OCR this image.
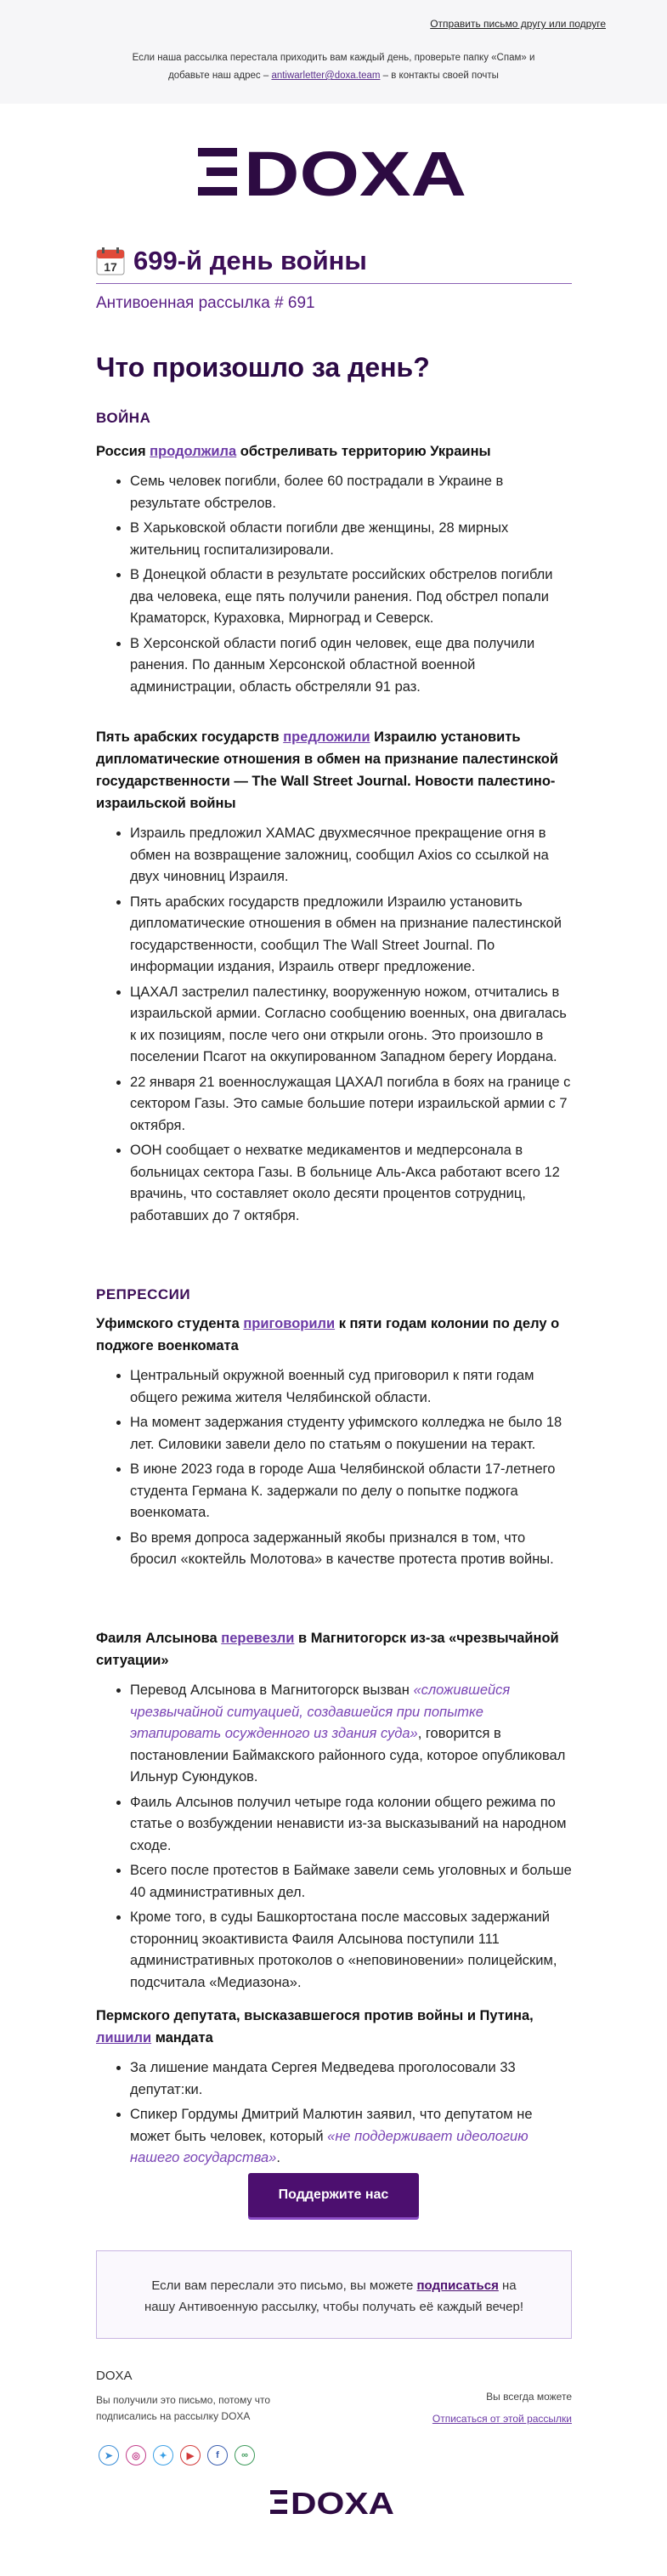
Отправить письмо другу или подруге
Если наша рассылка перестала приходить вам каждый день, проверьте папку «Спам» и
добавьте наш адрес – antiwarletter@doxa.team – в контакты своей почты
DOXA
17 699-й день войны
Антивоенная рассылка # 691
Что произошло за день?
ВОЙНА
Россия продолжила обстреливать территорию Украины
• Семь человек погибли, более 60 пострадали в Украине в результате обстрелов.
• В Харьковской области погибли две женщины, 28 мирных жительниц госпитализировали.
• В Донецкой области в результате российских обстрелов погибли два человека, еще пять получили ранения. Под обстрел попали Краматорск, Кураховка, Мирноград и Северск.
• В Херсонской области погиб один человек, еще два получили ранения. По данным Херсонской областной военной администрации, область обстреляли 91 раз.
Пять арабских государств предложили Израилю установить дипломатические отношения в обмен на признание палестинской государственности — The Wall Street Journal. Новости палестино-израильской войны
• Израиль предложил ХАМАС двухмесячное прекращение огня в обмен на возвращение заложниц, сообщил Axios со ссылкой на двух чиновниц Израиля.
• Пять арабских государств предложили Израилю установить дипломатические отношения в обмен на признание палестинской государственности, сообщил The Wall Street Journal. По информации издания, Израиль отверг предложение.
• ЦАХАЛ застрелил палестинку, вооруженную ножом, отчитались в израильской армии. Согласно сообщению военных, она двигалась к их позициям, после чего они открыли огонь. Это произошло в поселении Псагот на оккупированном Западном берегу Иордана.
• 22 января 21 военнослужащая ЦАХАЛ погибла в боях на границе с сектором Газы. Это самые большие потери израильской армии с 7 октября.
• ООН сообщает о нехватке медикаментов и медперсонала в больницах сектора Газы. В больнице Аль-Акса работают всего 12 врачинь, что составляет около десяти процентов сотрудниц, работавших до 7 октября.
РЕПРЕССИИ
Уфимского студента приговорили к пяти годам колонии по делу о поджоге военкомата
• Центральный окружной военный суд приговорил к пяти годам общего режима жителя Челябинской области.
• На момент задержания студенту уфимского колледжа не было 18 лет. Силовики завели дело по статьям о покушении на теракт.
• В июне 2023 года в городе Аша Челябинской области 17-летнего студента Германа К. задержали по делу о попытке поджога военкомата.
• Во время допроса задержанный якобы признался в том, что бросил «коктейль Молотова» в качестве протеста против войны.
Фаиля Алсынова перевезли в Магнитогорск из-за «чрезвычайной ситуации»
• Перевод Алсынова в Магнитогорск вызван «сложившейся чрезвычайной ситуацией, создавшейся при попытке этапировать осужденного из здания суда», говорится в постановлении Баймакского районного суда, которое опубликовал Ильнур Суюндуков.
• Фаиль Алсынов получил четыре года колонии общего режима по статье о возбуждении ненависти из-за высказываний на народном сходе.
• Всего после протестов в Баймаке завели семь уголовных и больше 40 административных дел.
• Кроме того, в суды Башкортостана после массовых задержаний сторонниц экоактивиста Фаиля Алсынова поступили 111 административных протоколов о «неповиновении» полицейским, подсчитала «Медиазона».
Пермского депутата, высказавшегося против войны и Путина, лишили мандата
• За лишение мандата Сергея Медведева проголосовали 33 депутат:ки.
• Спикер Гордумы Дмитрий Малютин заявил, что депутатом не может быть человек, который «не поддерживает идеологию нашего государства».
Поддержите нас
Если вам переслали это письмо, вы можете подписаться на
нашу Антивоенную рассылку, чтобы получать её каждый вечер!
DOXA
Вы получили это письмо, потому что подписались на рассылку DOXA
Вы всегда можете
Отписаться от этой рассылки
➤	◎	✦	▶	f	∞
DOXA
